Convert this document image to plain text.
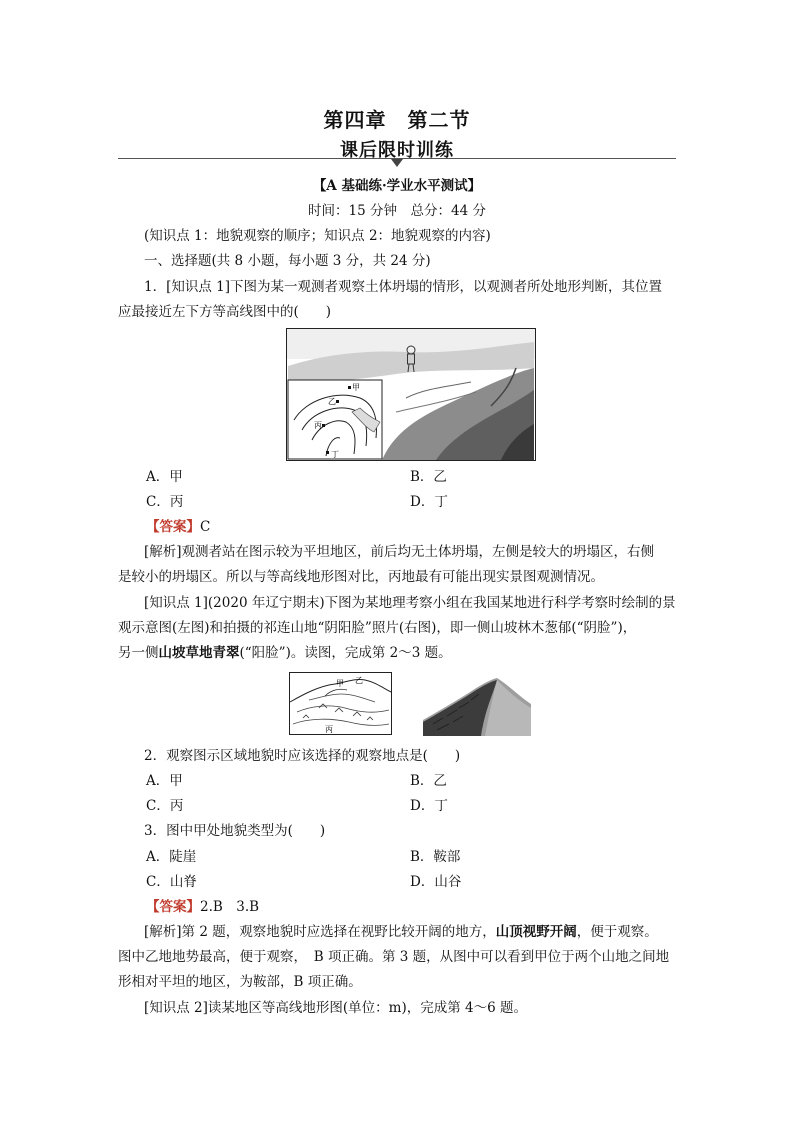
第四章　第二节
课后限时训练
【A 基础练·学业水平测试】
时间：15 分钟　总分：44 分
(知识点 1：地貌观察的顺序；知识点 2：地貌观察的内容)
一、选择题(共 8 小题，每小题 3 分，共 24 分)
1．[知识点 1]下图为某一观测者观察土体坍塌的情形，以观测者所处地形判断，其位置
应最接近左下方等高线图中的(　　)
甲
乙
丙
丁
A．甲	B．乙
C．丙	D．丁
【答案】C
[解析]观测者站在图示较为平坦地区，前后均无土体坍塌，左侧是较大的坍塌区，右侧
是较小的坍塌区。所以与等高线地形图对比，丙地最有可能出现实景图观测情况。
[知识点 1](2020 年辽宁期末)下图为某地理考察小组在我国某地进行科学考察时绘制的景
观示意图(左图)和拍摄的祁连山地“阴阳脸”照片(右图)，即一侧山坡林木葱郁(“阴脸”)，
另一侧山坡草地青翠(“阳脸”)。读图，完成第 2～3 题。
甲 乙
丙
2．观察图示区域地貌时应该选择的观察地点是(　　)
A．甲	B．乙
C．丙	D．丁
3．图中甲处地貌类型为(　　)
A．陡崖	B．鞍部
C．山脊	D．山谷
【答案】2.B　3.B
[解析]第 2 题，观察地貌时应选择在视野比较开阔的地方，山顶视野开阔，便于观察。
图中乙地地势最高，便于观察，　B 项正确。第 3 题，从图中可以看到甲位于两个山地之间地
形相对平坦的地区，为鞍部，B 项正确。
[知识点 2]读某地区等高线地形图(单位：m)，完成第 4～6 题。
